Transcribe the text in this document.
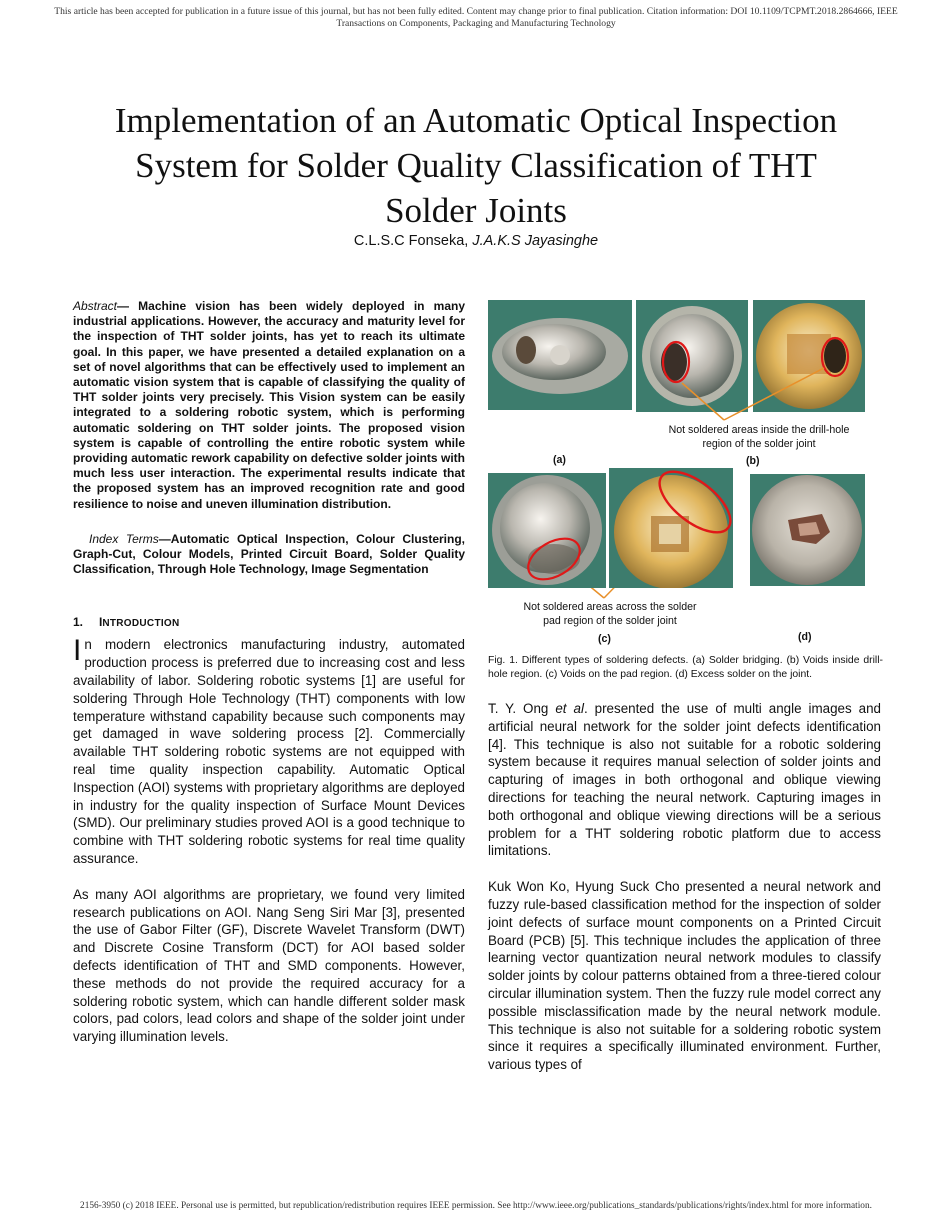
This article has been accepted for publication in a future issue of this journal, but has not been fully edited. Content may change prior to final publication. Citation information: DOI 10.1109/TCPMT.2018.2864666, IEEE
Transactions on Components, Packaging and Manufacturing Technology
Implementation of an Automatic Optical Inspection System for Solder Quality Classification of THT Solder Joints
C.L.S.C Fonseka, J.A.K.S Jayasinghe

Abstract— Machine vision has been widely deployed in many industrial applications. However, the accuracy and maturity level for the inspection of THT solder joints, has yet to reach its ultimate goal. In this paper, we have presented a detailed explanation on a set of novel algorithms that can be effectively used to implement an automatic vision system that is capable of classifying the quality of THT solder joints very precisely. This Vision system can be easily integrated to a soldering robotic system, which is performing automatic soldering on THT solder joints. The proposed vision system is capable of controlling the entire robotic system while providing automatic rework capability on defective solder joints with much less user interaction. The experimental results indicate that the proposed system has an improved recognition rate and good resilience to noise and uneven illumination distribution.

Index Terms—Automatic Optical Inspection, Colour Clustering, Graph-Cut, Colour Models, Printed Circuit Board, Solder Quality Classification, Through Hole Technology, Image Segmentation

1. INTRODUCTION

In modern electronics manufacturing industry, automated production process is preferred due to increasing cost and less availability of labor. Soldering robotic systems [1] are useful for soldering Through Hole Technology (THT) components with low temperature withstand capability because such components may get damaged in wave soldering process [2]. Commercially available THT soldering robotic systems are not equipped with real time quality inspection capability. Automatic Optical Inspection (AOI) systems with proprietary algorithms are deployed in industry for the quality inspection of Surface Mount Devices (SMD). Our preliminary studies proved AOI is a good technique to combine with THT soldering robotic systems for real time quality assurance.

As many AOI algorithms are proprietary, we found very limited research publications on AOI. Nang Seng Siri Mar [3], presented the use of Gabor Filter (GF), Discrete Wavelet Transform (DWT) and Discrete Cosine Transform (DCT) for AOI based solder defects identification of THT and SMD components. However, these methods do not provide the required accuracy for a soldering robotic system, which can handle different solder mask colors, pad colors, lead colors and shape of the solder joint under varying illumination levels.

Not soldered areas inside the drill-hole
region of the solder joint
(a)	(b)
Not soldered areas across the solder
pad region of the solder joint
(c)	(d)
Fig. 1. Different types of soldering defects. (a) Solder bridging. (b) Voids inside drill-hole region. (c) Voids on the pad region. (d) Excess solder on the joint.

T. Y. Ong et al. presented the use of multi angle images and artificial neural network for the solder joint defects identification [4]. This technique is also not suitable for a robotic soldering system because it requires manual selection of solder joints and capturing of images in both orthogonal and oblique viewing directions for teaching the neural network. Capturing images in both orthogonal and oblique viewing directions will be a serious problem for a THT soldering robotic platform due to access limitations.

Kuk Won Ko, Hyung Suck Cho presented a neural network and fuzzy rule-based classification method for the inspection of solder joint defects of surface mount components on a Printed Circuit Board (PCB) [5]. This technique includes the application of three learning vector quantization neural network modules to classify solder joints by colour patterns obtained from a three-tiered colour circular illumination system. Then the fuzzy rule model correct any possible misclassification made by the neural network module. This technique is also not suitable for a soldering robotic system since it requires a specifically illuminated environment. Further, various types of

2156-3950 (c) 2018 IEEE. Personal use is permitted, but republication/redistribution requires IEEE permission. See http://www.ieee.org/publications_standards/publications/rights/index.html for more information.
